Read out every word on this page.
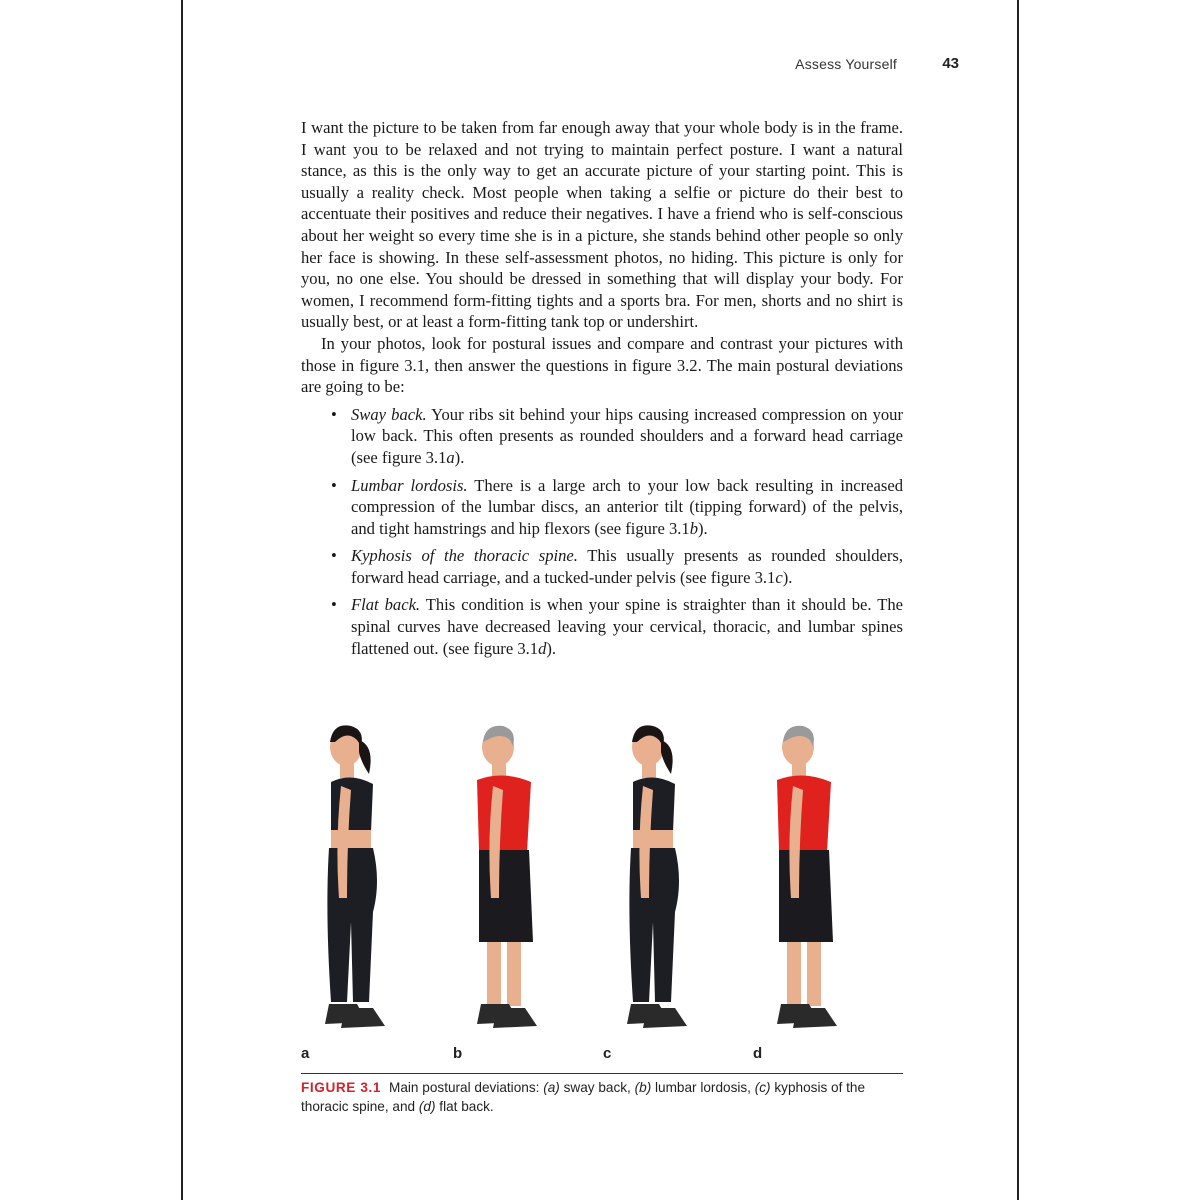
Assess Yourself	43

I want the picture to be taken from far enough away that your whole body is in the frame. I want you to be relaxed and not trying to maintain perfect posture. I want a natural stance, as this is the only way to get an accurate picture of your starting point. This is usually a reality check. Most people when taking a selfie or picture do their best to accentuate their positives and reduce their negatives. I have a friend who is self-conscious about her weight so every time she is in a picture, she stands behind other people so only her face is showing. In these self-assessment photos, no hiding. This picture is only for you, no one else. You should be dressed in something that will display your body. For women, I recommend form-fitting tights and a sports bra. For men, shorts and no shirt is usually best, or at least a form-fitting tank top or undershirt.

In your photos, look for postural issues and compare and contrast your pictures with those in figure 3.1, then answer the questions in figure 3.2. The main postural deviations are going to be:

• Sway back. Your ribs sit behind your hips causing increased compression on your low back. This often presents as rounded shoulders and a forward head carriage (see figure 3.1a).
• Lumbar lordosis. There is a large arch to your low back resulting in increased compression of the lumbar discs, an anterior tilt (tipping forward) of the pelvis, and tight hamstrings and hip flexors (see figure 3.1b).
• Kyphosis of the thoracic spine. This usually presents as rounded shoulders, forward head carriage, and a tucked-under pelvis (see figure 3.1c).
• Flat back. This condition is when your spine is straighter than it should be. The spinal curves have decreased leaving your cervical, thoracic, and lumbar spines flattened out. (see figure 3.1d).
a	b	c	d
FIGURE 3.1 Main postural deviations: (a) sway back, (b) lumbar lordosis, (c) kyphosis of the thoracic spine, and (d) flat back.
